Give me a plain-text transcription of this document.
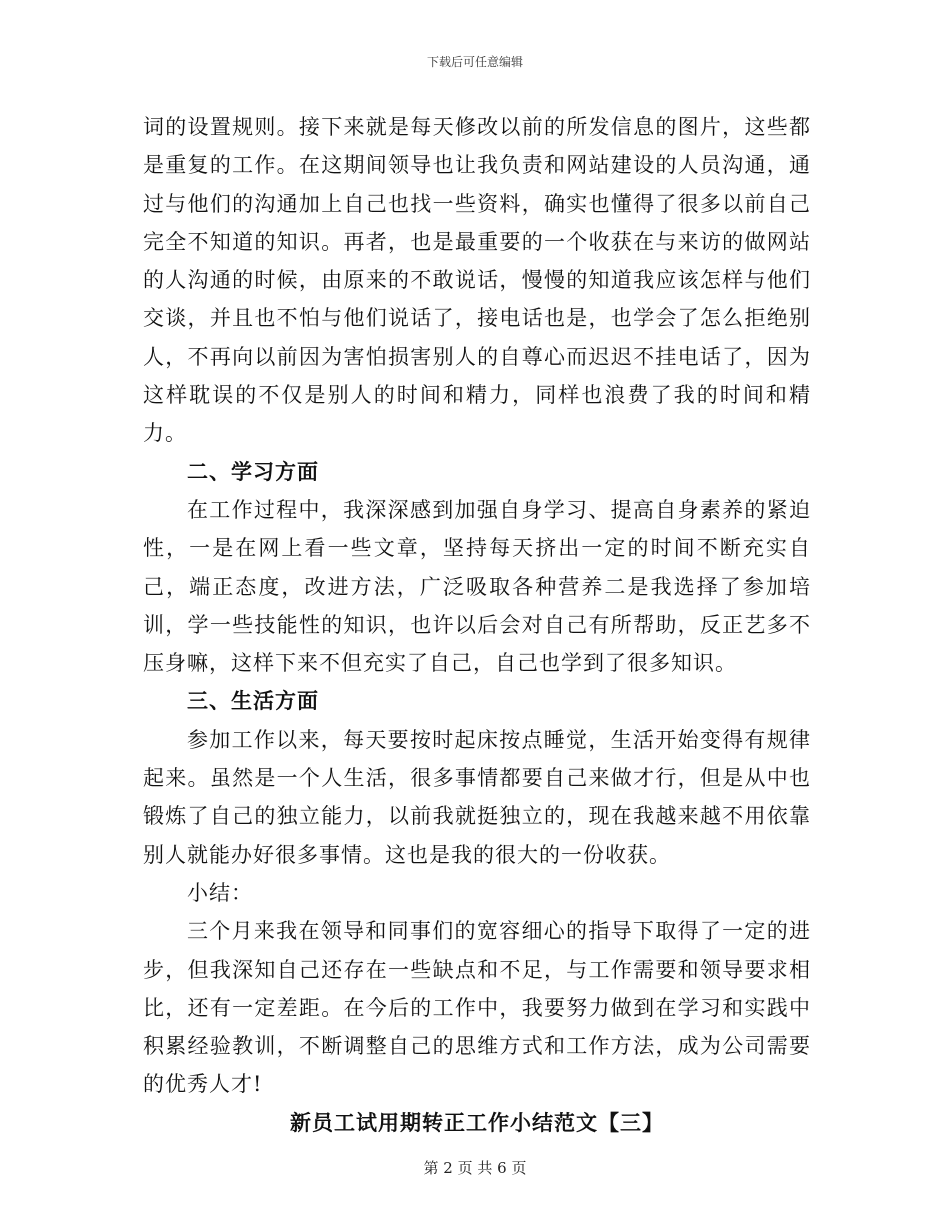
下载后可任意编辑

词的设置规则。接下来就是每天修改以前的所发信息的图片，这些都是重复的工作。在这期间领导也让我负责和网站建设的人员沟通，通过与他们的沟通加上自己也找一些资料，确实也懂得了很多以前自己完全不知道的知识。再者，也是最重要的一个收获在与来访的做网站的人沟通的时候，由原来的不敢说话，慢慢的知道我应该怎样与他们交谈，并且也不怕与他们说话了，接电话也是，也学会了怎么拒绝别人，不再向以前因为害怕损害别人的自尊心而迟迟不挂电话了，因为这样耽误的不仅是别人的时间和精力，同样也浪费了我的时间和精力。

二、学习方面

在工作过程中，我深深感到加强自身学习、提高自身素养的紧迫性，一是在网上看一些文章，坚持每天挤出一定的时间不断充实自己，端正态度，改进方法，广泛吸取各种营养二是我选择了参加培训，学一些技能性的知识，也许以后会对自己有所帮助，反正艺多不压身嘛，这样下来不但充实了自己，自己也学到了很多知识。

三、生活方面

参加工作以来，每天要按时起床按点睡觉，生活开始变得有规律起来。虽然是一个人生活，很多事情都要自己来做才行，但是从中也锻炼了自己的独立能力，以前我就挺独立的，现在我越来越不用依靠别人就能办好很多事情。这也是我的很大的一份收获。

小结：

三个月来我在领导和同事们的宽容细心的指导下取得了一定的进步，但我深知自己还存在一些缺点和不足，与工作需要和领导要求相比，还有一定差距。在今后的工作中，我要努力做到在学习和实践中积累经验教训，不断调整自己的思维方式和工作方法，成为公司需要的优秀人才!

新员工试用期转正工作小结范文【三】

第 2 页 共 6 页
